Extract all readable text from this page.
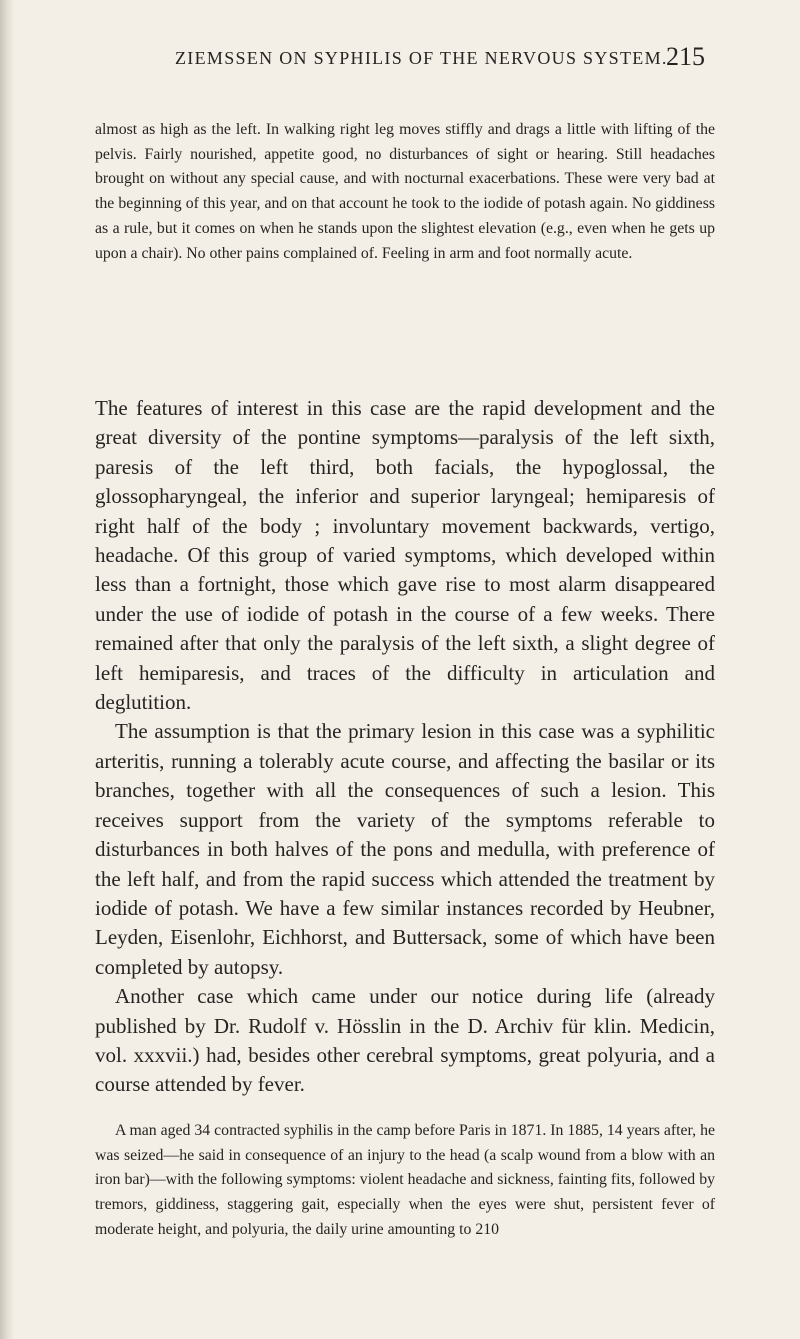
ZIEMSSEN ON SYPHILIS OF THE NERVOUS SYSTEM.
215

almost as high as the left. In walking right leg moves stiffly and drags a little with lifting of the pelvis. Fairly nourished, appetite good, no disturbances of sight or hearing. Still headaches brought on without any special cause, and with nocturnal exacerbations. These were very bad at the beginning of this year, and on that account he took to the iodide of potash again. No giddiness as a rule, but it comes on when he stands upon the slightest elevation (e.g., even when he gets up upon a chair). No other pains complained of. Feeling in arm and foot normally acute.

The features of interest in this case are the rapid development and the great diversity of the pontine symptoms—paralysis of the left sixth, paresis of the left third, both facials, the hypoglossal, the glossopharyngeal, the inferior and superior laryngeal; hemiparesis of right half of the body ; involuntary movement backwards, vertigo, headache. Of this group of varied symptoms, which developed within less than a fortnight, those which gave rise to most alarm disappeared under the use of iodide of potash in the course of a few weeks. There remained after that only the paralysis of the left sixth, a slight degree of left hemiparesis, and traces of the difficulty in articulation and deglutition.

The assumption is that the primary lesion in this case was a syphilitic arteritis, running a tolerably acute course, and affecting the basilar or its branches, together with all the consequences of such a lesion. This receives support from the variety of the symptoms referable to disturbances in both halves of the pons and medulla, with preference of the left half, and from the rapid success which attended the treatment by iodide of potash. We have a few similar instances recorded by Heubner, Leyden, Eisenlohr, Eichhorst, and Buttersack, some of which have been completed by autopsy.

Another case which came under our notice during life (already published by Dr. Rudolf v. Hösslin in the D. Archiv für klin. Medicin, vol. xxxvii.) had, besides other cerebral symptoms, great polyuria, and a course attended by fever.

A man aged 34 contracted syphilis in the camp before Paris in 1871. In 1885, 14 years after, he was seized—he said in consequence of an injury to the head (a scalp wound from a blow with an iron bar)—with the following symptoms: violent headache and sickness, fainting fits, followed by tremors, giddiness, staggering gait, especially when the eyes were shut, persistent fever of moderate height, and polyuria, the daily urine amounting to 210
